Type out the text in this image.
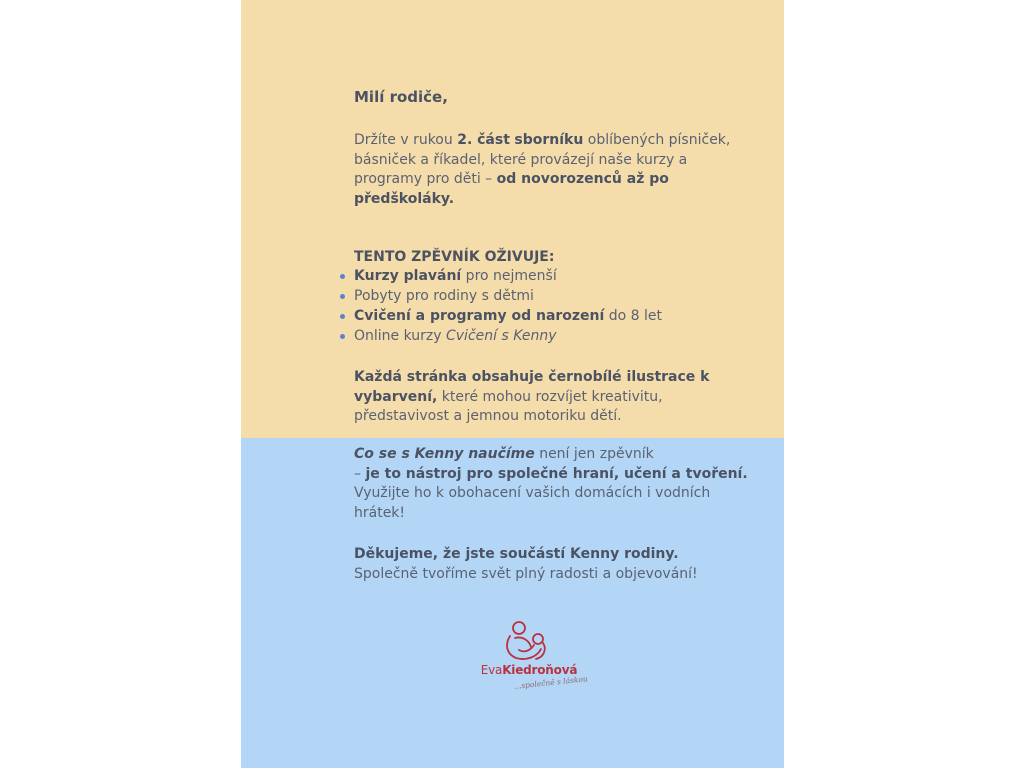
Milí rodiče,
Držíte v rukou 2. část sborníku oblíbených písniček, básniček a říkadel, které provázejí naše kurzy a programy pro děti – od novorozenců až po předškoláky.
TENTO ZPĚVNÍK OŽIVUJE:
Kurzy plavání pro nejmenší
Pobyty pro rodiny s dětmi
Cvičení a programy od narození do 8 let
Online kurzy Cvičení s Kenny
Každá stránka obsahuje černobílé ilustrace k vybarvení, které mohou rozvíjet kreativitu, představivost a jemnou motoriku dětí.
Co se s Kenny naučíme není jen zpěvník
– je to nástroj pro společné hraní, učení a tvoření. Využijte ho k obohacení vašich domácích i vodních hrátek!
Děkujeme, že jste součástí Kenny rodiny.
Společně tvoříme svět plný radosti a objevování!
EvaKiedroňová
...společně s láskou
